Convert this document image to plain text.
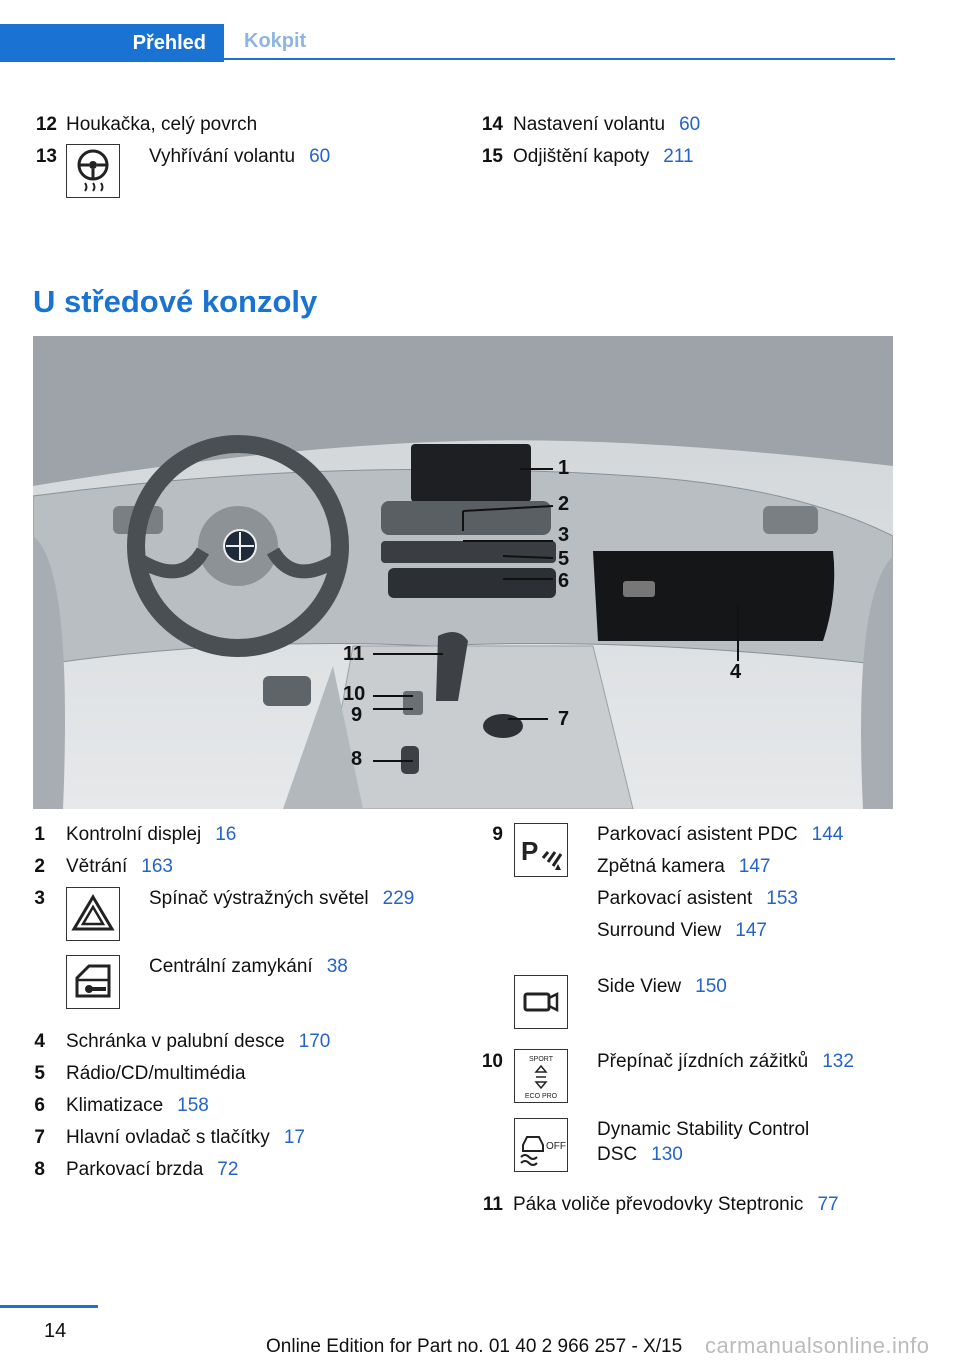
Přehled	Kokpit
12 Houkačka, celý povrch
13	Vyhřívání volantu 60
14 Nastavení volantu 60
15 Odjištění kapoty 211
U středové konzoly
1
2
3
5
6
4
11
10
9	7
8
1 Kontrolní displej 16
2 Větrání 163
3	Spínač výstražných světel 229
Centrální zamykání 38
4 Schránka v palubní desce 170
5 Rádio/CD/multimédia
6 Klimatizace 158
7 Hlavní ovladač s tlačítky 17
8 Parkovací brzda 72
9
P
Parkovací asistent PDC 144
Zpětná kamera 147
Parkovací asistent 153
Surround View 147
Side View 150
10	SPORT
ECO PRO
Přepínač jízdních zážitků 132
OFF
Dynamic Stability Control
DSC 130
11 Páka voliče převodovky Steptronic 77
14
Online Edition for Part no. 01 40 2 966 257 - X/15 carmanualsonline.info
